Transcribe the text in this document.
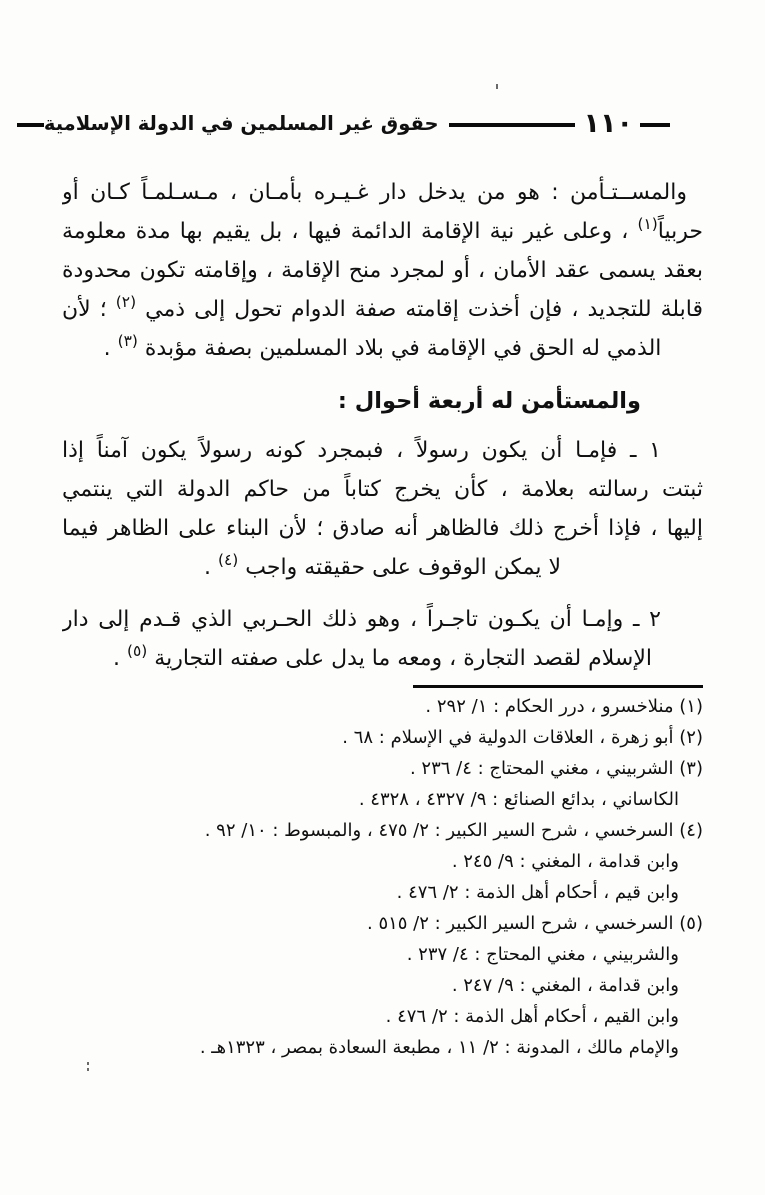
١١٠
حقوق غير المسلمين في الدولة الإسلامية
والمســتـأمن : هو من يدخل دار غـيـره بأمـان ، مـسـلمـاً كـان أو
حربياً$^{(١)}$ ، وعلى غير نية الإقامة الدائمة فيها ، بل يقيم بها مدة معلومة
بعقد يسمى عقد الأمان ، أو لمجرد منح الإقامة ، وإقامته تكون محدودة
قابلة للتجديد ، فإن أخذت إقامته صفة الدوام تحول إلى ذمي $^{(٢)}$ ؛ لأن
الذمي له الحق في الإقامة في بلاد المسلمين بصفة مؤبدة $^{(٣)}$ .
والمستأمن له أربعة أحوال :
١ ـ فإمـا أن يكون رسولاً ، فبمجرد كونه رسولاً يكون آمناً إذا
ثبتت رسالته بعلامة ، كأن يخرج كتاباً من حاكم الدولة التي ينتمي
إليها ، فإذا أخرج ذلك فالظاهر أنه صادق ؛ لأن البناء على الظاهر فيما
لا يمكن الوقوف على حقيقته واجب $^{(٤)}$ .
٢ ـ وإمـا أن يكـون تاجـراً ، وهو ذلك الحـربي الذي قـدم إلى دار
الإسلام لقصد التجارة ، ومعه ما يدل على صفته التجارية $^{(٥)}$ .
(١) منلاخسرو ، درر الحكام : ١/ ٢٩٢ .
(٢) أبو زهرة ، العلاقات الدولية في الإسلام : ٦٨ .
(٣) الشربيني ، مغني المحتاج : ٤/ ٢٣٦ .
الكاساني ، بدائع الصنائع : ٩/ ٤٣٢٧ ، ٤٣٢٨ .
(٤) السرخسي ، شرح السير الكبير : ٢/ ٤٧٥ ، والمبسوط : ١٠/ ٩٢ .
وابن قدامة ، المغني : ٩/ ٢٤٥ .
وابن قيم ، أحكام أهل الذمة : ٢/ ٤٧٦ .
(٥) السرخسي ، شرح السير الكبير : ٢/ ٥١٥ .
والشربيني ، مغني المحتاج : ٤/ ٢٣٧ .
وابن قدامة ، المغني : ٩/ ٢٤٧ .
وابن القيم ، أحكام أهل الذمة : ٢/ ٤٧٦ .
والإمام مالك ، المدونة : ٢/ ١١ ، مطبعة السعادة بمصر ، ١٣٢٣هـ .
